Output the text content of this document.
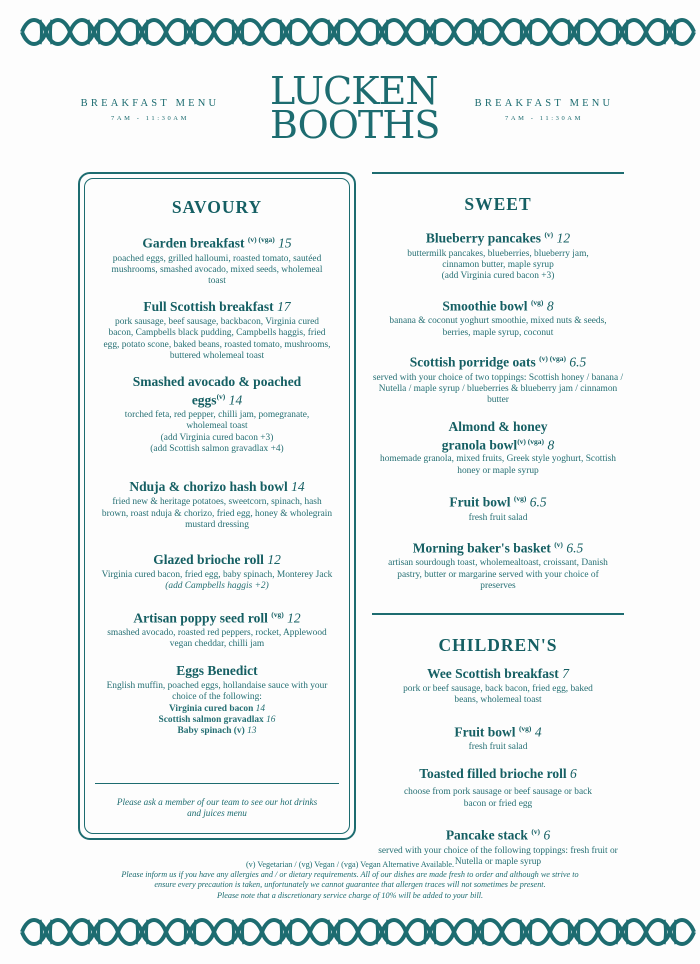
BREAKFAST MENU
7AM - 11:30AM
LUCKEN
BOOTHS	BREAKFAST MENU
7AM - 11:30AM
SAVOURY
Garden breakfast $^{(v) (vga)}$ 15
poached eggs, grilled halloumi, roasted tomato, sautéed mushrooms, smashed avocado, mixed seeds, wholemeal toast
Full Scottish breakfast 17
pork sausage, beef sausage, backbacon, Virginia cured bacon, Campbells black pudding, Campbells haggis, fried egg, potato scone, baked beans, roasted tomato, mushrooms, buttered wholemeal toast
Smashed avocado & poached
eggs$^{(v)}$ 14
torched feta, red pepper, chilli jam, pomegranate, wholemeal toast
(add Virginia cured bacon +3)
(add Scottish salmon gravadlax +4)
Nduja & chorizo hash bowl 14
fried new & heritage potatoes, sweetcorn, spinach, hash brown, roast nduja & chorizo, fried egg, honey & wholegrain mustard dressing
Glazed brioche roll 12
Virginia cured bacon, fried egg, baby spinach, Monterey Jack (add Campbells haggis +2)
Artisan poppy seed roll $^{(vg)}$ 12
smashed avocado, roasted red peppers, rocket, Applewood vegan cheddar, chilli jam
Eggs Benedict
English muffin, poached eggs, hollandaise sauce with your choice of the following:
Virginia cured bacon 14
Scottish salmon gravadlax 16
Baby spinach (v) 13
Please ask a member of our team to see our hot drinks and juices menu
SWEET
Blueberry pancakes $^{(v)}$ 12
buttermilk pancakes, blueberries, blueberry jam, cinnamon butter, maple syrup
(add Virginia cured bacon +3)
Smoothie bowl $^{(vg)}$ 8
banana & coconut yoghurt smoothie, mixed nuts & seeds, berries, maple syrup, coconut
Scottish porridge oats $^{(v) (vga)}$ 6.5
served with your choice of two toppings: Scottish honey / banana / Nutella / maple syrup / blueberries & blueberry jam / cinnamon butter
Almond & honey
granola bowl$^{(v) (vga)}$ 8
homemade granola, mixed fruits, Greek style yoghurt, Scottish honey or maple syrup
Fruit bowl $^{(vg)}$ 6.5
fresh fruit salad
Morning baker's basket $^{(v)}$ 6.5
artisan sourdough toast, wholemealtoast, croissant, Danish pastry, butter or margarine served with your choice of preserves
CHILDREN'S
Wee Scottish breakfast 7
pork or beef sausage, back bacon, fried egg, baked beans, wholemeal toast
Fruit bowl $^{(vg)}$ 4
fresh fruit salad
Toasted filled brioche roll 6
choose from pork sausage or beef sausage or back bacon or fried egg
Pancake stack $^{(v)}$ 6
served with your choice of the following toppings: fresh fruit or Nutella or maple syrup
(v) Vegetarian / (vg) Vegan / (vga) Vegan Alternative Available.
Please inform us if you have any allergies and / or dietary requirements. All of our dishes are made fresh to order and although we strive to
ensure every precaution is taken, unfortunately we cannot guarantee that allergen traces will not sometimes be present.
Please note that a discretionary service charge of 10% will be added to your bill.
